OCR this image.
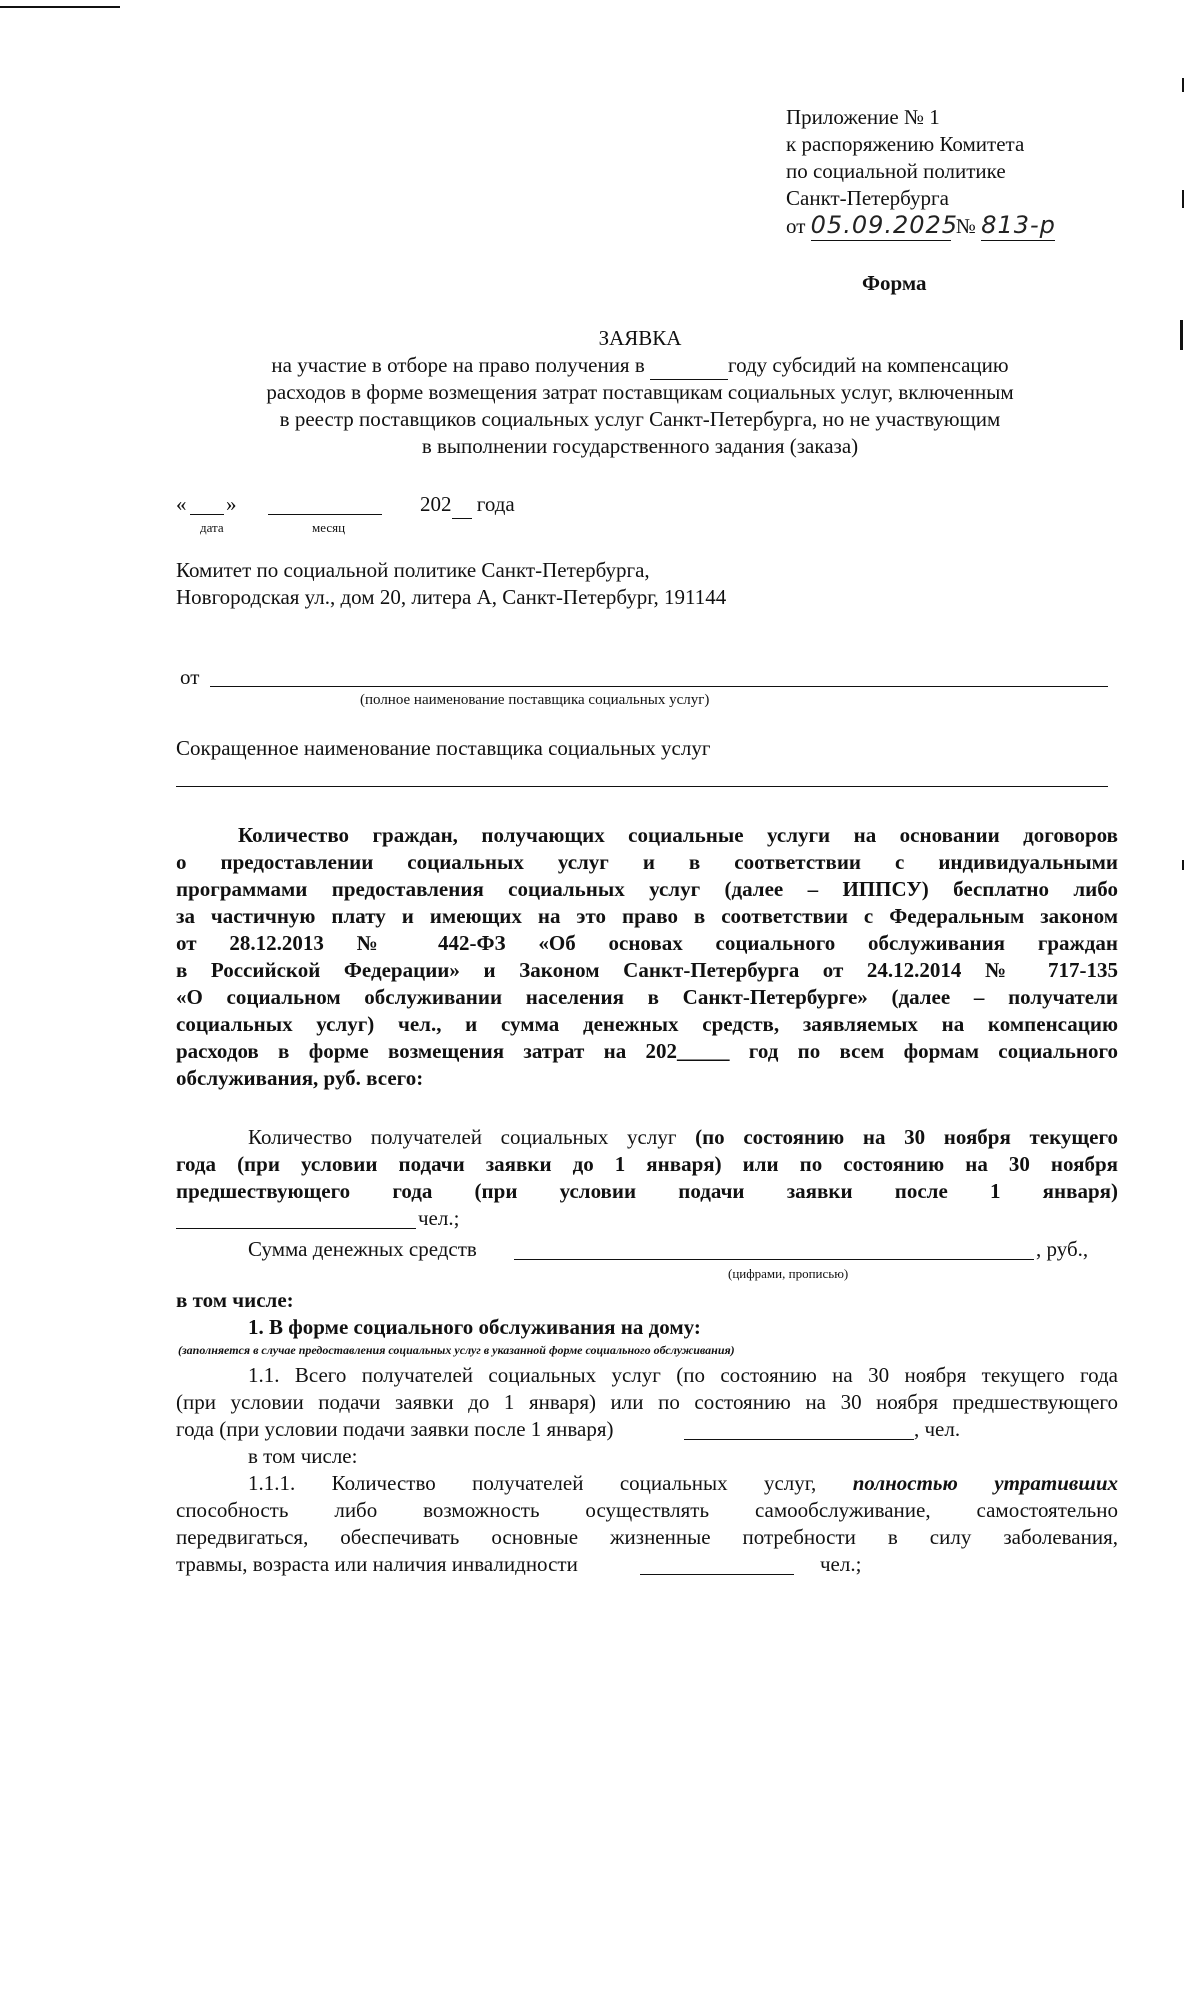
Приложение № 1
к распоряжению Комитета
по социальной политике
Санкт-Петербурга
от 05.09.2025 № 813-р
Форма
ЗАЯВКА
на участие в отборе на право получения в	году субсидий на компенсацию
расходов в форме возмещения затрат поставщикам социальных услуг, включенным
в реестр поставщиков социальных услуг Санкт-Петербурга, но не участвующим
в выполнении государственного задания (заказа)
« »	202 года
дата	месяц
Комитет по социальной политике Санкт-Петербурга,
Новгородская ул., дом 20, литера А, Санкт-Петербург, 191144
от
(полное наименование поставщика социальных услуг)
Сокращенное наименование поставщика социальных услуг
Количество граждан, получающих социальные услуги на основании договоров
о предоставлении социальных услуг и в соответствии с индивидуальными
программами предоставления социальных услуг (далее – ИППСУ) бесплатно либо
за частичную плату и имеющих на это право в соответствии с Федеральным законом
от 28.12.2013 № 442-ФЗ «Об основах социального обслуживания граждан
в Российской Федерации» и Законом Санкт-Петербурга от 24.12.2014 № 717-135
«О социальном обслуживании населения в Санкт-Петербурге» (далее – получатели
социальных услуг) чел., и сумма денежных средств, заявляемых на компенсацию
расходов в форме возмещения затрат на 202_____ год по всем формам социального
обслуживания, руб. всего:
Количество получателей социальных услуг (по состоянию на 30 ноября текущего
года (при условии подачи заявки до 1 января) или по состоянию на 30 ноября
предшествующего года (при условии подачи заявки после 1 января)
чел.;
Сумма денежных средств	, руб.,
(цифрами, прописью)
в том числе:
1. В форме социального обслуживания на дому:
(заполняется в случае предоставления социальных услуг в указанной форме социального обслуживания)
1.1. Всего получателей социальных услуг (по состоянию на 30 ноября текущего года
(при условии подачи заявки до 1 января) или по состоянию на 30 ноября предшествующего
года (при условии подачи заявки после 1 января)	, чел.
в том числе:
1.1.1. Количество получателей социальных услуг, полностью утративших
способность либо возможность осуществлять самообслуживание, самостоятельно
передвигаться, обеспечивать основные жизненные потребности в силу заболевания,
травмы, возраста или наличия инвалидности	чел.;
